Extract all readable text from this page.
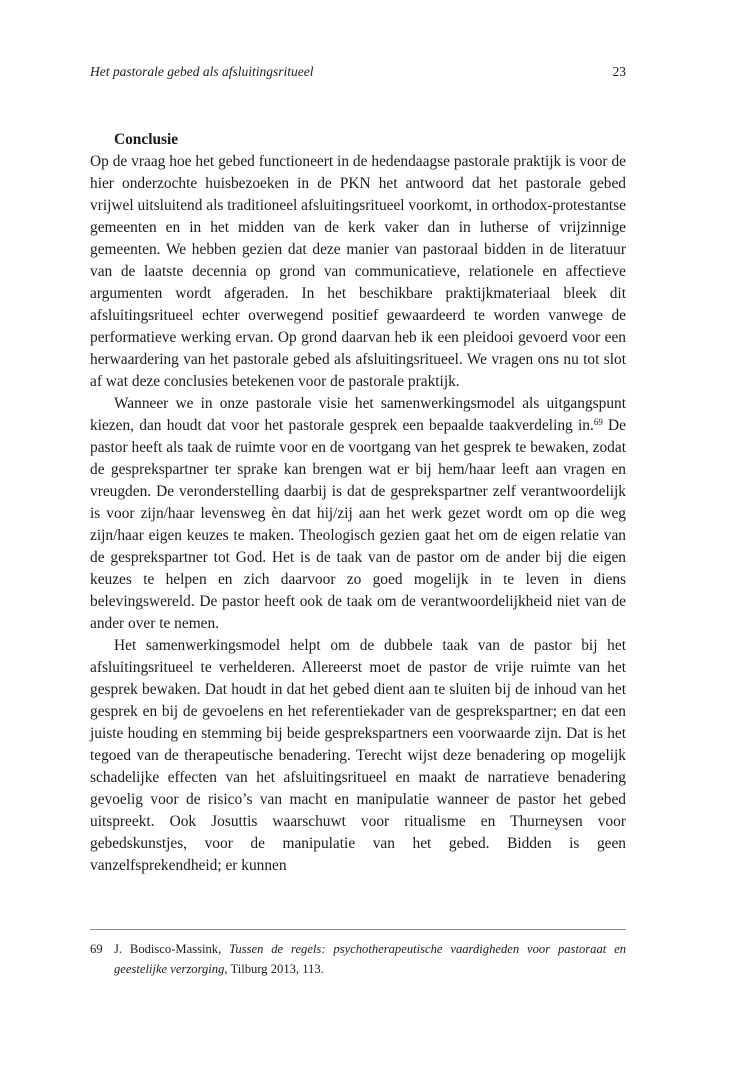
Het pastorale gebed als afsluitingsritueel	23

Conclusie

Op de vraag hoe het gebed functioneert in de hedendaagse pastorale praktijk is voor de hier onderzochte huisbezoeken in de PKN het antwoord dat het pastorale gebed vrijwel uitsluitend als traditioneel afsluitingsritueel voorkomt, in orthodox-protestantse gemeenten en in het midden van de kerk vaker dan in lutherse of vrijzinnige gemeenten. We hebben gezien dat deze manier van pastoraal bidden in de literatuur van de laatste decennia op grond van communicatieve, relationele en affectieve argumenten wordt afgeraden. In het beschikbare praktijkmateriaal bleek dit afsluitingsritueel echter overwegend positief gewaardeerd te worden vanwege de performatieve werking ervan. Op grond daarvan heb ik een pleidooi gevoerd voor een herwaardering van het pastorale gebed als afsluitingsritueel. We vragen ons nu tot slot af wat deze conclusies betekenen voor de pastorale praktijk.

Wanneer we in onze pastorale visie het samenwerkingsmodel als uitgangspunt kiezen, dan houdt dat voor het pastorale gesprek een bepaalde taakverdeling in.$^{69}$ De pastor heeft als taak de ruimte voor en de voortgang van het gesprek te bewaken, zodat de gesprekspartner ter sprake kan brengen wat er bij hem/haar leeft aan vragen en vreugden. De veronderstelling daarbij is dat de gesprekspartner zelf verantwoordelijk is voor zijn/haar levensweg èn dat hij/zij aan het werk gezet wordt om op die weg zijn/haar eigen keuzes te maken. Theologisch gezien gaat het om de eigen relatie van de gesprekspartner tot God. Het is de taak van de pastor om de ander bij die eigen keuzes te helpen en zich daarvoor zo goed mogelijk in te leven in diens belevingswereld. De pastor heeft ook de taak om de verantwoordelijkheid niet van de ander over te nemen.

Het samenwerkingsmodel helpt om de dubbele taak van de pastor bij het afsluitingsritueel te verhelderen. Allereerst moet de pastor de vrije ruimte van het gesprek bewaken. Dat houdt in dat het gebed dient aan te sluiten bij de inhoud van het gesprek en bij de gevoelens en het referentiekader van de gesprekspartner; en dat een juiste houding en stemming bij beide gesprekspartners een voorwaarde zijn. Dat is het tegoed van de therapeutische benadering. Terecht wijst deze benadering op mogelijk schadelijke effecten van het afsluitingsritueel en maakt de narratieve benadering gevoelig voor de risico’s van macht en manipulatie wanneer de pastor het gebed uitspreekt. Ook Josuttis waarschuwt voor ritualisme en Thurneysen voor gebedskunstjes, voor de manipulatie van het gebed. Bidden is geen vanzelfsprekendheid; er kunnen

69 J. Bodisco-Massink, Tussen de regels: psychotherapeutische vaardigheden voor pastoraat en geestelijke verzorging, Tilburg 2013, 113.
